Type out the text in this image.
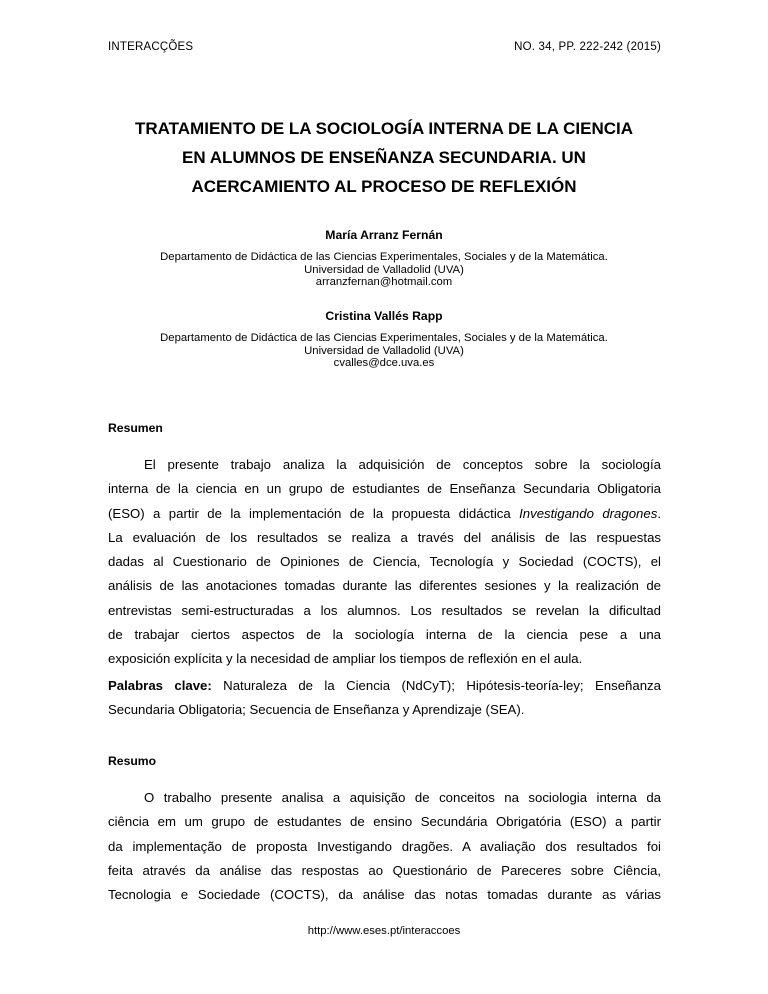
INTERACÇÕES	NO. 34, PP. 222-242 (2015)
TRATAMIENTO DE LA SOCIOLOGÍA INTERNA DE LA CIENCIA
EN ALUMNOS DE ENSEÑANZA SECUNDARIA. UN
ACERCAMIENTO AL PROCESO DE REFLEXIÓN

María Arranz Fernán

Departamento de Didáctica de las Ciencias Experimentales, Sociales y de la Matemática.
Universidad de Valladolid (UVA)
arranzfernan@hotmail.com

Cristina Vallés Rapp

Departamento de Didáctica de las Ciencias Experimentales, Sociales y de la Matemática.
Universidad de Valladolid (UVA)
cvalles@dce.uva.es

Resumen

El presente trabajo analiza la adquisición de conceptos sobre la sociología
interna de la ciencia en un grupo de estudiantes de Enseñanza Secundaria Obligatoria
(ESO) a partir de la implementación de la propuesta didáctica Investigando dragones.
La evaluación de los resultados se realiza a través del análisis de las respuestas
dadas al Cuestionario de Opiniones de Ciencia, Tecnología y Sociedad (COCTS), el
análisis de las anotaciones tomadas durante las diferentes sesiones y la realización de
entrevistas semi-estructuradas a los alumnos. Los resultados se revelan la dificultad
de trabajar ciertos aspectos de la sociología interna de la ciencia pese a una
exposición explícita y la necesidad de ampliar los tiempos de reflexión en el aula.
Palabras clave: Naturaleza de la Ciencia (NdCyT); Hipótesis-teoría-ley; Enseñanza
Secundaria Obligatoria; Secuencia de Enseñanza y Aprendizaje (SEA).

Resumo

O trabalho presente analisa a aquisição de conceitos na sociologia interna da
ciência em um grupo de estudantes de ensino Secundária Obrigatória (ESO) a partir
da implementação de proposta Investigando dragões. A avaliação dos resultados foi
feita através da análise das respostas ao Questionário de Pareceres sobre Ciência,
Tecnologia e Sociedade (COCTS), da análise das notas tomadas durante as várias
http://www.eses.pt/interaccoes
